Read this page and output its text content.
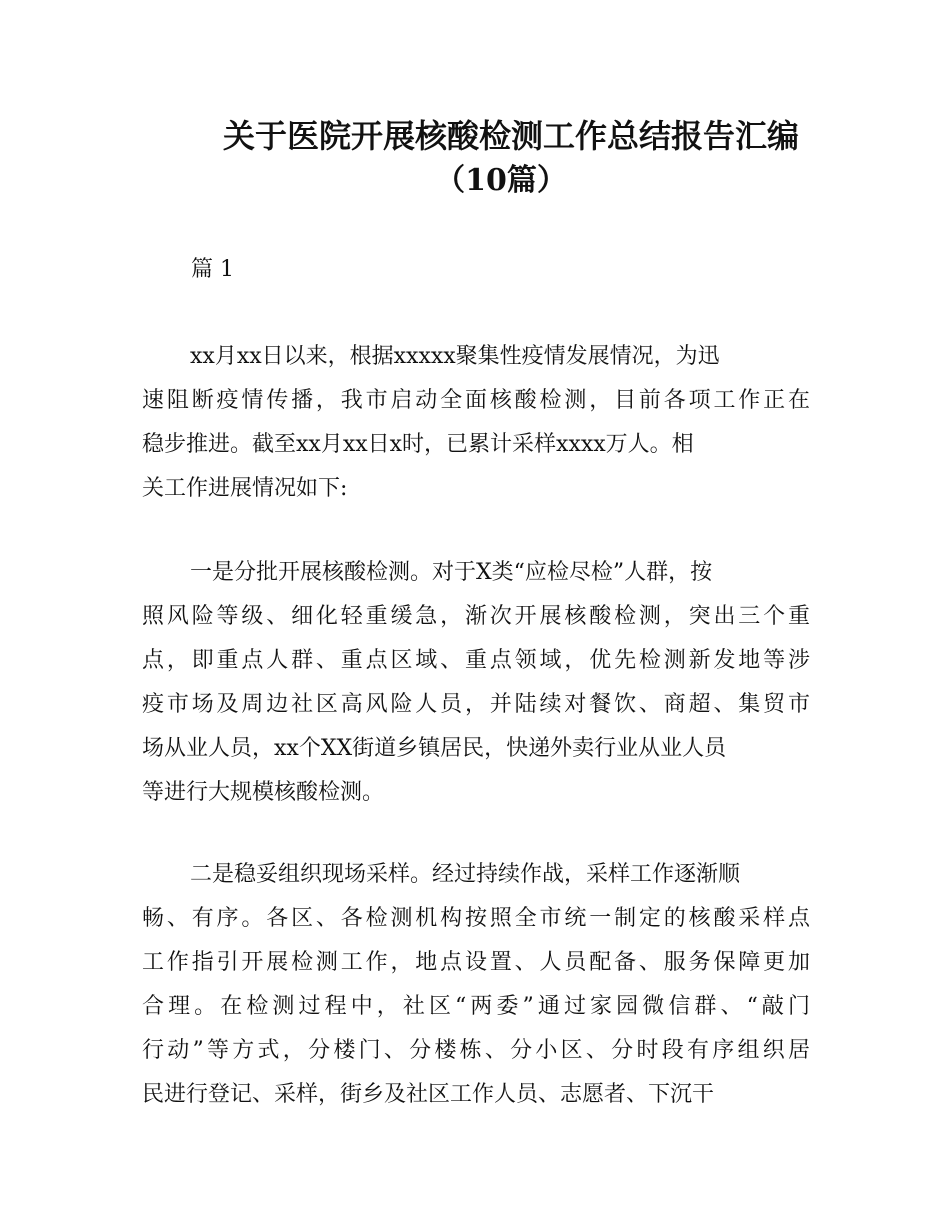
关于医院开展核酸检测工作总结报告汇编
（10篇）

篇 1

xx月xx日以来，根据xxxxx聚集性疫情发展情况，为迅
速阻断疫情传播，我市启动全面核酸检测，目前各项工作正在
稳步推进。截至xx月xx日x时，已累计采样xxxx万人。相
关工作进展情况如下:
一是分批开展核酸检测。对于X类“应检尽检”人群，按
照风险等级、细化轻重缓急，渐次开展核酸检测，突出三个重
点，即重点人群、重点区域、重点领域，优先检测新发地等涉
疫市场及周边社区高风险人员，并陆续对餐饮、商超、集贸市
场从业人员，xx个XX街道乡镇居民，快递外卖行业从业人员
等进行大规模核酸检测。
二是稳妥组织现场采样。经过持续作战，采样工作逐渐顺
畅、有序。各区、各检测机构按照全市统一制定的核酸采样点
工作指引开展检测工作，地点设置、人员配备、服务保障更加
合理。在检测过程中，社区“两委”通过家园微信群、“敲门
行动”等方式，分楼门、分楼栋、分小区、分时段有序组织居
民进行登记、采样，街乡及社区工作人员、志愿者、下沉干
